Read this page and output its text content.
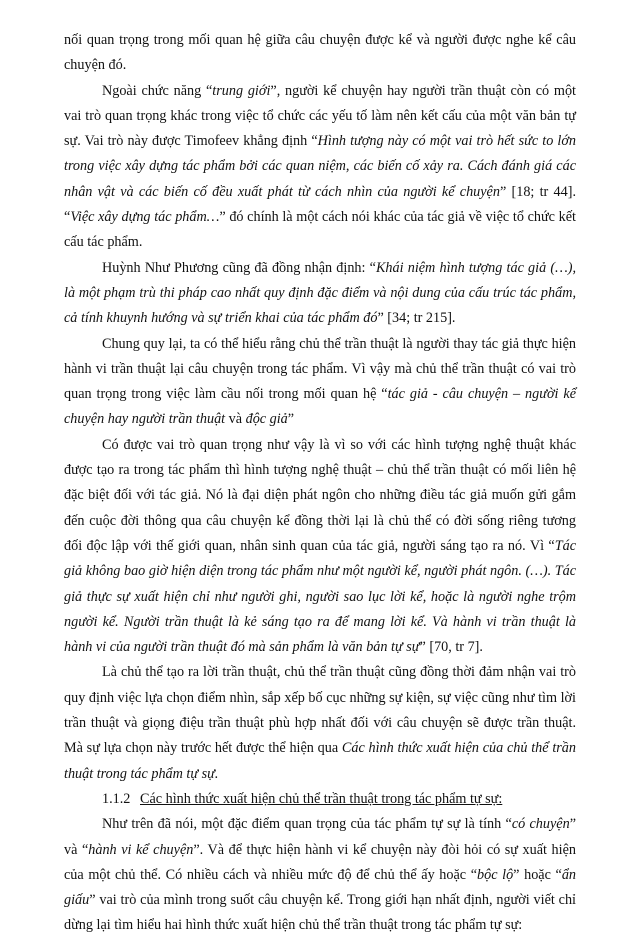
nối quan trọng trong mối quan hệ giữa câu chuyện được kể và người được nghe kể câu chuyện đó.

Ngoài chức năng “trung giới”, người kể chuyện hay người trần thuật còn có một vai trò quan trọng khác trong việc tổ chức các yếu tố làm nên kết cấu của một văn bản tự sự. Vai trò này được Timofeev khẳng định “Hình tượng này có một vai trò hết sức to lớn trong việc xây dựng tác phẩm bởi các quan niệm, các biến cố xảy ra. Cách đánh giá các nhân vật và các biến cố đều xuất phát từ cách nhìn của người kể chuyện” [18; tr 44]. “Việc xây dựng tác phẩm…” đó chính là một cách nói khác của tác giả về việc tổ chức kết cấu tác phẩm.

Huỳnh Như Phương cũng đã đồng nhận định: “Khái niệm hình tượng tác giả (…), là một phạm trù thi pháp cao nhất quy định đặc điểm và nội dung của cấu trúc tác phẩm, cả tính khuynh hướng và sự triển khai của tác phẩm đó” [34; tr 215].

Chung quy lại, ta có thể hiểu rằng chủ thể trần thuật là người thay tác giả thực hiện hành vi trần thuật lại câu chuyện trong tác phẩm. Vì vậy mà chủ thể trần thuật có vai trò quan trọng trong việc làm cầu nối trong mối quan hệ “tác giả - câu chuyện – người kể chuyện hay người trần thuật và độc giả”

Có được vai trò quan trọng như vậy là vì so với các hình tượng nghệ thuật khác được tạo ra trong tác phẩm thì hình tượng nghệ thuật – chủ thể trần thuật có mối liên hệ đặc biệt đối với tác giả. Nó là đại diện phát ngôn cho những điều tác giả muốn gửi gắm đến cuộc đời thông qua câu chuyện kể đồng thời lại là chủ thể có đời sống riêng tương đối độc lập với thế giới quan, nhân sinh quan của tác giả, người sáng tạo ra nó. Vì “Tác giả không bao giờ hiện diện trong tác phẩm như một người kể, người phát ngôn. (…). Tác giả thực sự xuất hiện chỉ như người ghi, người sao lục lời kể, hoặc là người nghe trộm người kể. Người trần thuật là kẻ sáng tạo ra để mang lời kể. Và hành vi trần thuật là hành vi của người trần thuật đó mà sản phẩm là văn bản tự sự” [70, tr 7].

Là chủ thể tạo ra lời trần thuật, chủ thể trần thuật cũng đồng thời đảm nhận vai trò quy định việc lựa chọn điểm nhìn, sắp xếp bố cục những sự kiện, sự việc cũng như tìm lời trần thuật và giọng điệu trần thuật phù hợp nhất đối với câu chuyện sẽ được trần thuật. Mà sự lựa chọn này trước hết được thể hiện qua Các hình thức xuất hiện của chủ thể trần thuật trong tác phẩm tự sự.

1.1.2 Các hình thức xuất hiện chủ thể trần thuật trong tác phẩm tự sự:

Như trên đã nói, một đặc điểm quan trọng của tác phẩm tự sự là tính “có chuyện” và “hành vi kể chuyện”. Và để thực hiện hành vi kể chuyện này đòi hỏi có sự xuất hiện của một chủ thể. Có nhiều cách và nhiều mức độ để chủ thể ấy hoặc “bộc lộ” hoặc “ẩn giấu” vai trò của mình trong suốt câu chuyện kể. Trong giới hạn nhất định, người viết chỉ dừng lại tìm hiểu hai hình thức xuất hiện chủ thể trần thuật trong tác phẩm tự sự:
